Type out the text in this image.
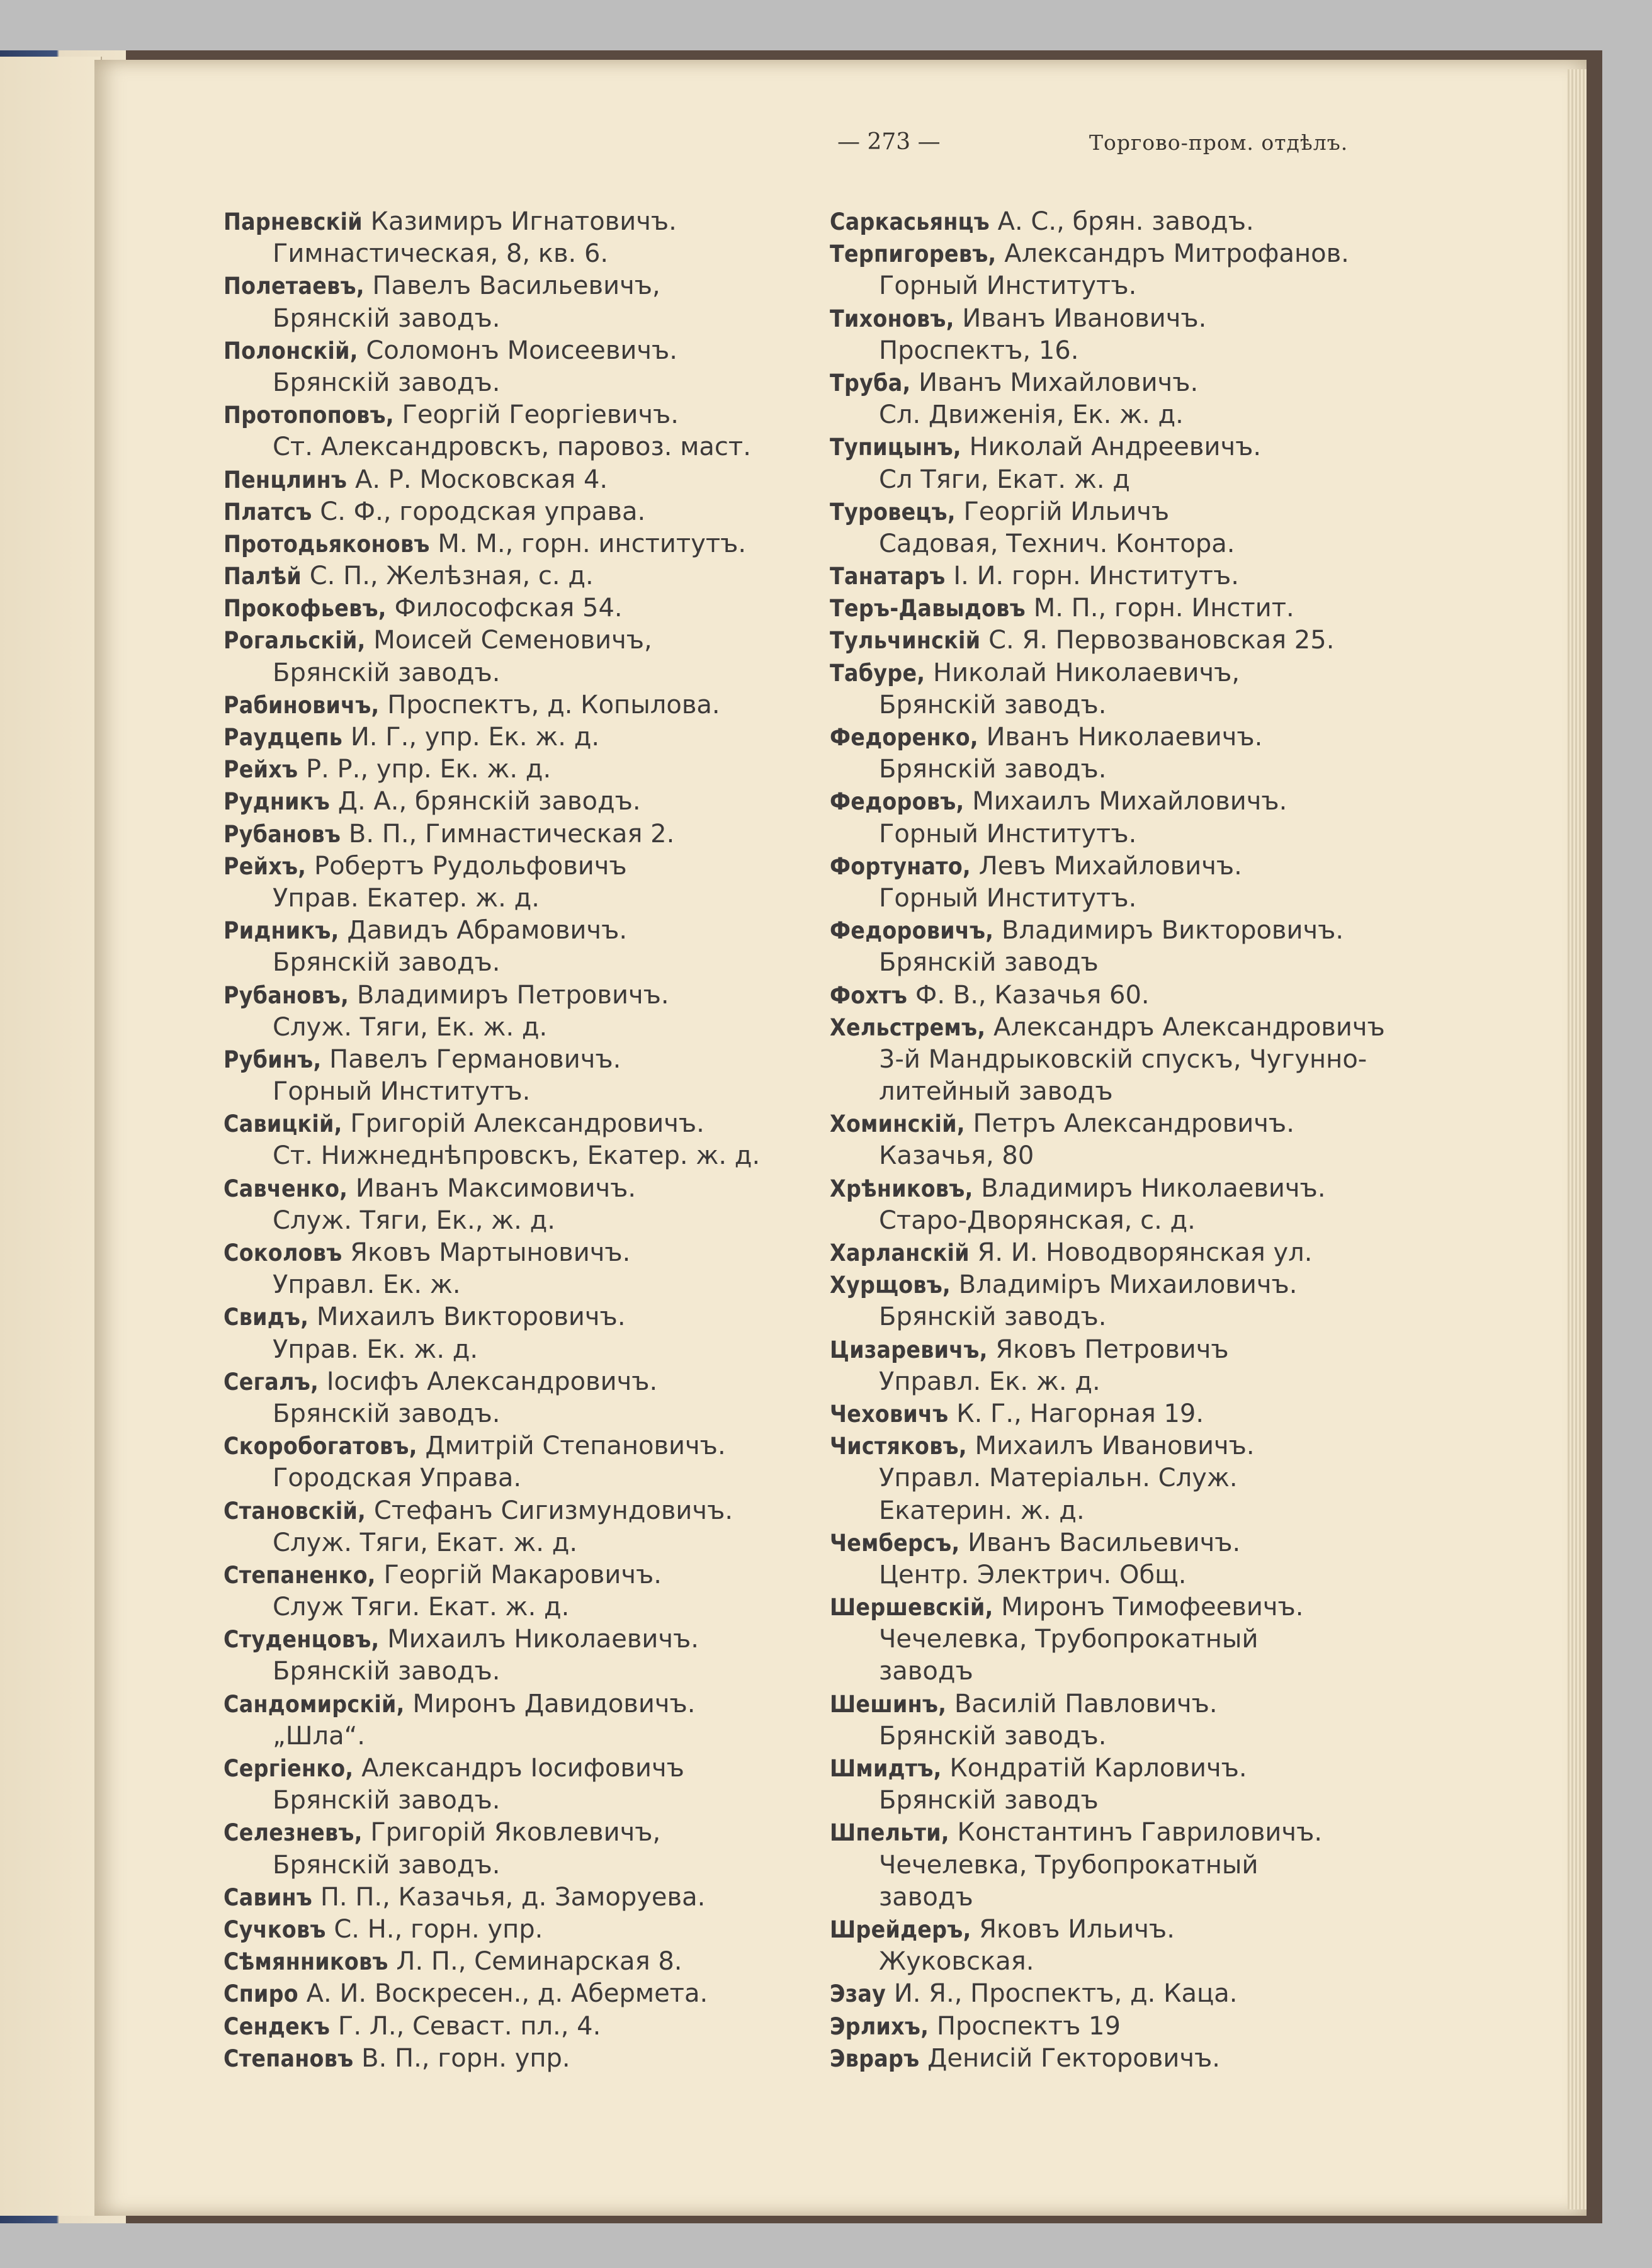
— 273 —	Торгово-пром. отдѣлъ.
Парневскій Казимиръ Игнатовичъ.
Гимнастическая, 8, кв. 6.
Полетаевъ, Павелъ Васильевичъ,
Брянскій заводъ.
Полонскій, Соломонъ Моисеевичъ.
Брянскій заводъ.
Протопоповъ, Георгій Георгіевичъ.
Ст. Александровскъ, паровоз. маст.
Пенцлинъ А. Р. Московская 4.
Платсъ С. Ф., городская управа.
Протодьяконовъ М. М., горн. институтъ.
Палѣй С. П., Желѣзная, с. д.
Прокофьевъ, Философская 54.
Рогальскій, Моисей Семеновичъ,
Брянскій заводъ.
Рабиновичъ, Проспектъ, д. Копылова.
Раудцепь И. Г., упр. Ек. ж. д.
Рейхъ Р. Р., упр. Ек. ж. д.
Рудникъ Д. А., брянскій заводъ.
Рубановъ В. П., Гимнастическая 2.
Рейхъ, Робертъ Рудольфовичъ
Управ. Екатер. ж. д.
Ридникъ, Давидъ Абрамовичъ.
Брянскій заводъ.
Рубановъ, Владимиръ Петровичъ.
Служ. Тяги, Ек. ж. д.
Рубинъ, Павелъ Германовичъ.
Горный Институтъ.
Савицкій, Григорій Александровичъ.
Ст. Нижнеднѣпровскъ, Екатер. ж. д.
Савченко, Иванъ Максимовичъ.
Служ. Тяги, Ек., ж. д.
Соколовъ Яковъ Мартыновичъ.
Управл. Ек. ж.
Свидъ, Михаилъ Викторовичъ.
Управ. Ек. ж. д.
Сегалъ, Іосифъ Александровичъ.
Брянскій заводъ.
Скоробогатовъ, Дмитрій Степановичъ.
Городская Управа.
Становскій, Стефанъ Сигизмундовичъ.
Служ. Тяги, Екат. ж. д.
Степаненко, Георгій Макаровичъ.
Служ Тяги. Екат. ж. д.
Студенцовъ, Михаилъ Николаевичъ.
Брянскій заводъ.
Сандомирскій, Миронъ Давидовичъ.
„Шла“.
Сергіенко, Александръ Іосифовичъ
Брянскій заводъ.
Селезневъ, Григорій Яковлевичъ,
Брянскій заводъ.
Савинъ П. П., Казачья, д. Заморуева.
Сучковъ С. Н., горн. упр.
Сѣмянниковъ Л. П., Семинарская 8.
Спиро А. И. Воскресен., д. Абермета.
Сендекъ Г. Л., Севаст. пл., 4.
Степановъ В. П., горн. упр.
Саркасьянцъ А. С., брян. заводъ.
Терпигоревъ, Александръ Митрофанов.
Горный Институтъ.
Тихоновъ, Иванъ Ивановичъ.
Проспектъ, 16.
Труба, Иванъ Михайловичъ.
Сл. Движенія, Ек. ж. д.
Тупицынъ, Николай Андреевичъ.
Сл Тяги, Екат. ж. д
Туровецъ, Георгій Ильичъ
Садовая, Технич. Контора.
Танатаръ І. И. горн. Институтъ.
Теръ-Давыдовъ М. П., горн. Инстит.
Тульчинскій С. Я. Первозвановская 25.
Табуре, Николай Николаевичъ,
Брянскій заводъ.
Федоренко, Иванъ Николаевичъ.
Брянскій заводъ.
Федоровъ, Михаилъ Михайловичъ.
Горный Институтъ.
Фортунато, Левъ Михайловичъ.
Горный Институтъ.
Федоровичъ, Владимиръ Викторовичъ.
Брянскій заводъ
Фохтъ Ф. В., Казачья 60.
Хельстремъ, Александръ Александровичъ
3-й Мандрыковскій спускъ, Чугунно-
литейный заводъ
Хоминскій, Петръ Александровичъ.
Казачья, 80
Хрѣниковъ, Владимиръ Николаевичъ.
Старо-Дворянская, с. д.
Харланскій Я. И. Новодворянская ул.
Хурщовъ, Владиміръ Михаиловичъ.
Брянскій заводъ.
Цизаревичъ, Яковъ Петровичъ
Управл. Ек. ж. д.
Чеховичъ К. Г., Нагорная 19.
Чистяковъ, Михаилъ Ивановичъ.
Управл. Матеріальн. Служ.
Екатерин. ж. д.
Чемберсъ, Иванъ Васильевичъ.
Центр. Электрич. Общ.
Шершевскій, Миронъ Тимофеевичъ.
Чечелевка, Трубопрокатный
заводъ
Шешинъ, Василій Павловичъ.
Брянскій заводъ.
Шмидтъ, Кондратій Карловичъ.
Брянскій заводъ
Шпельти, Константинъ Гавриловичъ.
Чечелевка, Трубопрокатный
заводъ
Шрейдеръ, Яковъ Ильичъ.
Жуковская.
Эзау И. Я., Проспектъ, д. Каца.
Эрлихъ, Проспектъ 19
Эвраръ Денисій Гекторовичъ.
